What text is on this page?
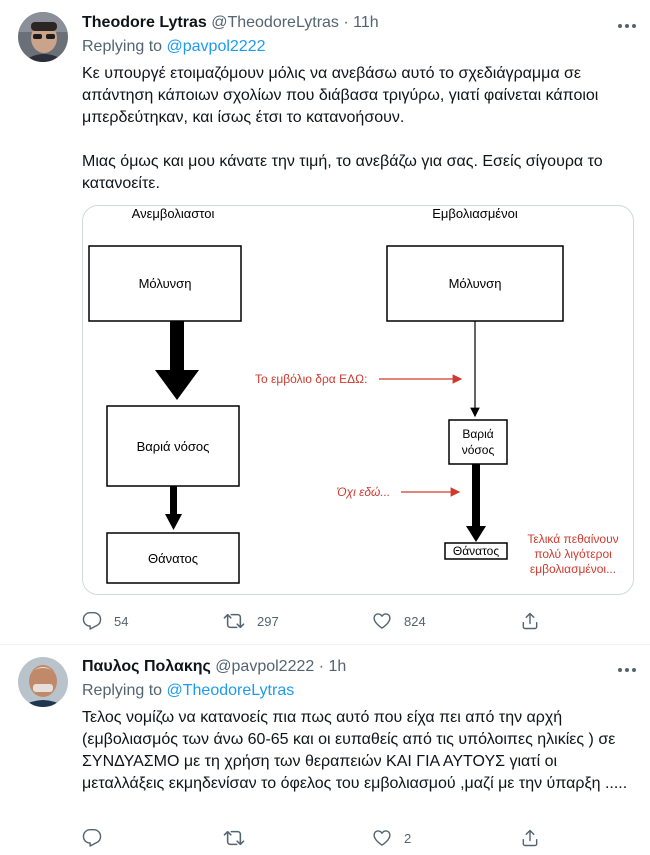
Theodore Lytras @TheodoreLytras · 11h
Replying to @pavpol2222
Κε υπουργέ ετοιμαζόμουν μόλις να ανεβάσω αυτό το σχεδιάγραμμα σε απάντηση κάποιων σχολίων που διάβασα τριγύρω, γιατί φαίνεται κάποιοι μπερδεύτηκαν, και ίσως έτσι το κατανοήσουν.
Μιας όμως και μου κάνατε την τιμή, το ανεβάζω για σας. Εσείς σίγουρα το κατανοείτε.
Ανεμβολιαστοι	Εμβολιασμένοι
Μόλυνση
Βαριά νόσος
Θάνατος
Μόλυνση
Βαριά
νόσος
Θάνατος
Το εμβόλιο δρα ΕΔΩ:
Όχι εδώ...
Τελικά πεθαίνουν
πολύ λιγότεροι
εμβολιασμένοι...
54	297	824
Παυλος Πολακης @pavpol2222 · 1h
Replying to @TheodoreLytras
Τελος νομίζω να κατανοείς πια πως αυτό που είχα πει από την αρχή (εμβολιασμός των άνω 60-65 και οι ευπαθείς από τις υπόλοιπες ηλικίες ) σε ΣΥΝΔΥΑΣΜΟ με τη χρήση των θεραπειών ΚΑΙ ΓΙΑ ΑΥΤΟΥΣ γιατί οι μεταλλάξεις εκμηδενίσαν το όφελος του εμβολιασμού ,μαζί με την ύπαρξη .....
2
